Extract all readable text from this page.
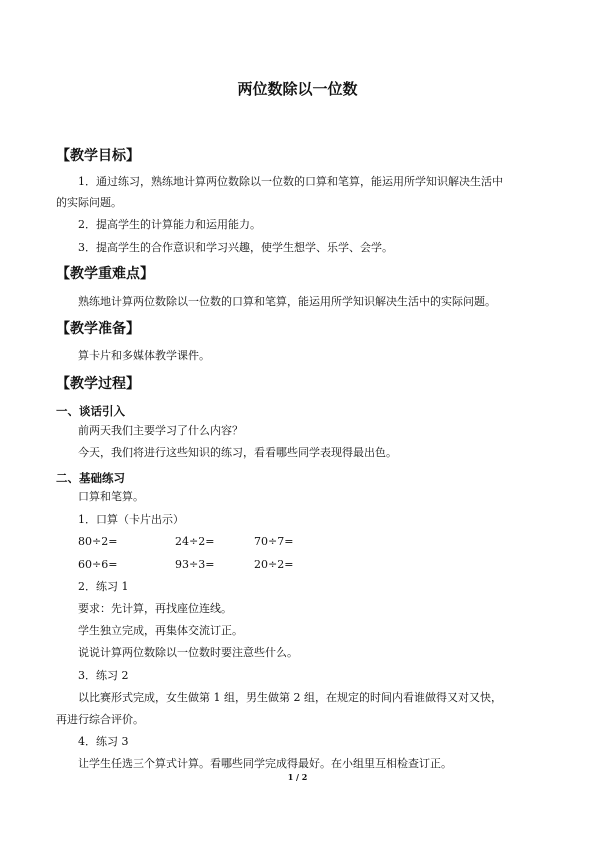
两位数除以一位数
【教学目标】
1．通过练习，熟练地计算两位数除以一位数的口算和笔算，能运用所学知识解决生活中
的实际问题。
2．提高学生的计算能力和运用能力。
3．提高学生的合作意识和学习兴趣，使学生想学、乐学、会学。
【教学重难点】
熟练地计算两位数除以一位数的口算和笔算，能运用所学知识解决生活中的实际问题。
【教学准备】
算卡片和多媒体教学课件。
【教学过程】
一、谈话引入
前两天我们主要学习了什么内容？
今天，我们将进行这些知识的练习，看看哪些同学表现得最出色。
二、基础练习
口算和笔算。
1．口算（卡片出示）
80÷2=	24÷2=	70÷7=
60÷6=	93÷3=	20÷2=
2．练习 1
要求：先计算，再找座位连线。
学生独立完成，再集体交流订正。
说说计算两位数除以一位数时要注意些什么。
3．练习 2
以比赛形式完成，女生做第 1 组，男生做第 2 组，在规定的时间内看谁做得又对又快，
再进行综合评价。
4．练习 3
让学生任选三个算式计算。看哪些同学完成得最好。在小组里互相检查订正。
1 / 2
